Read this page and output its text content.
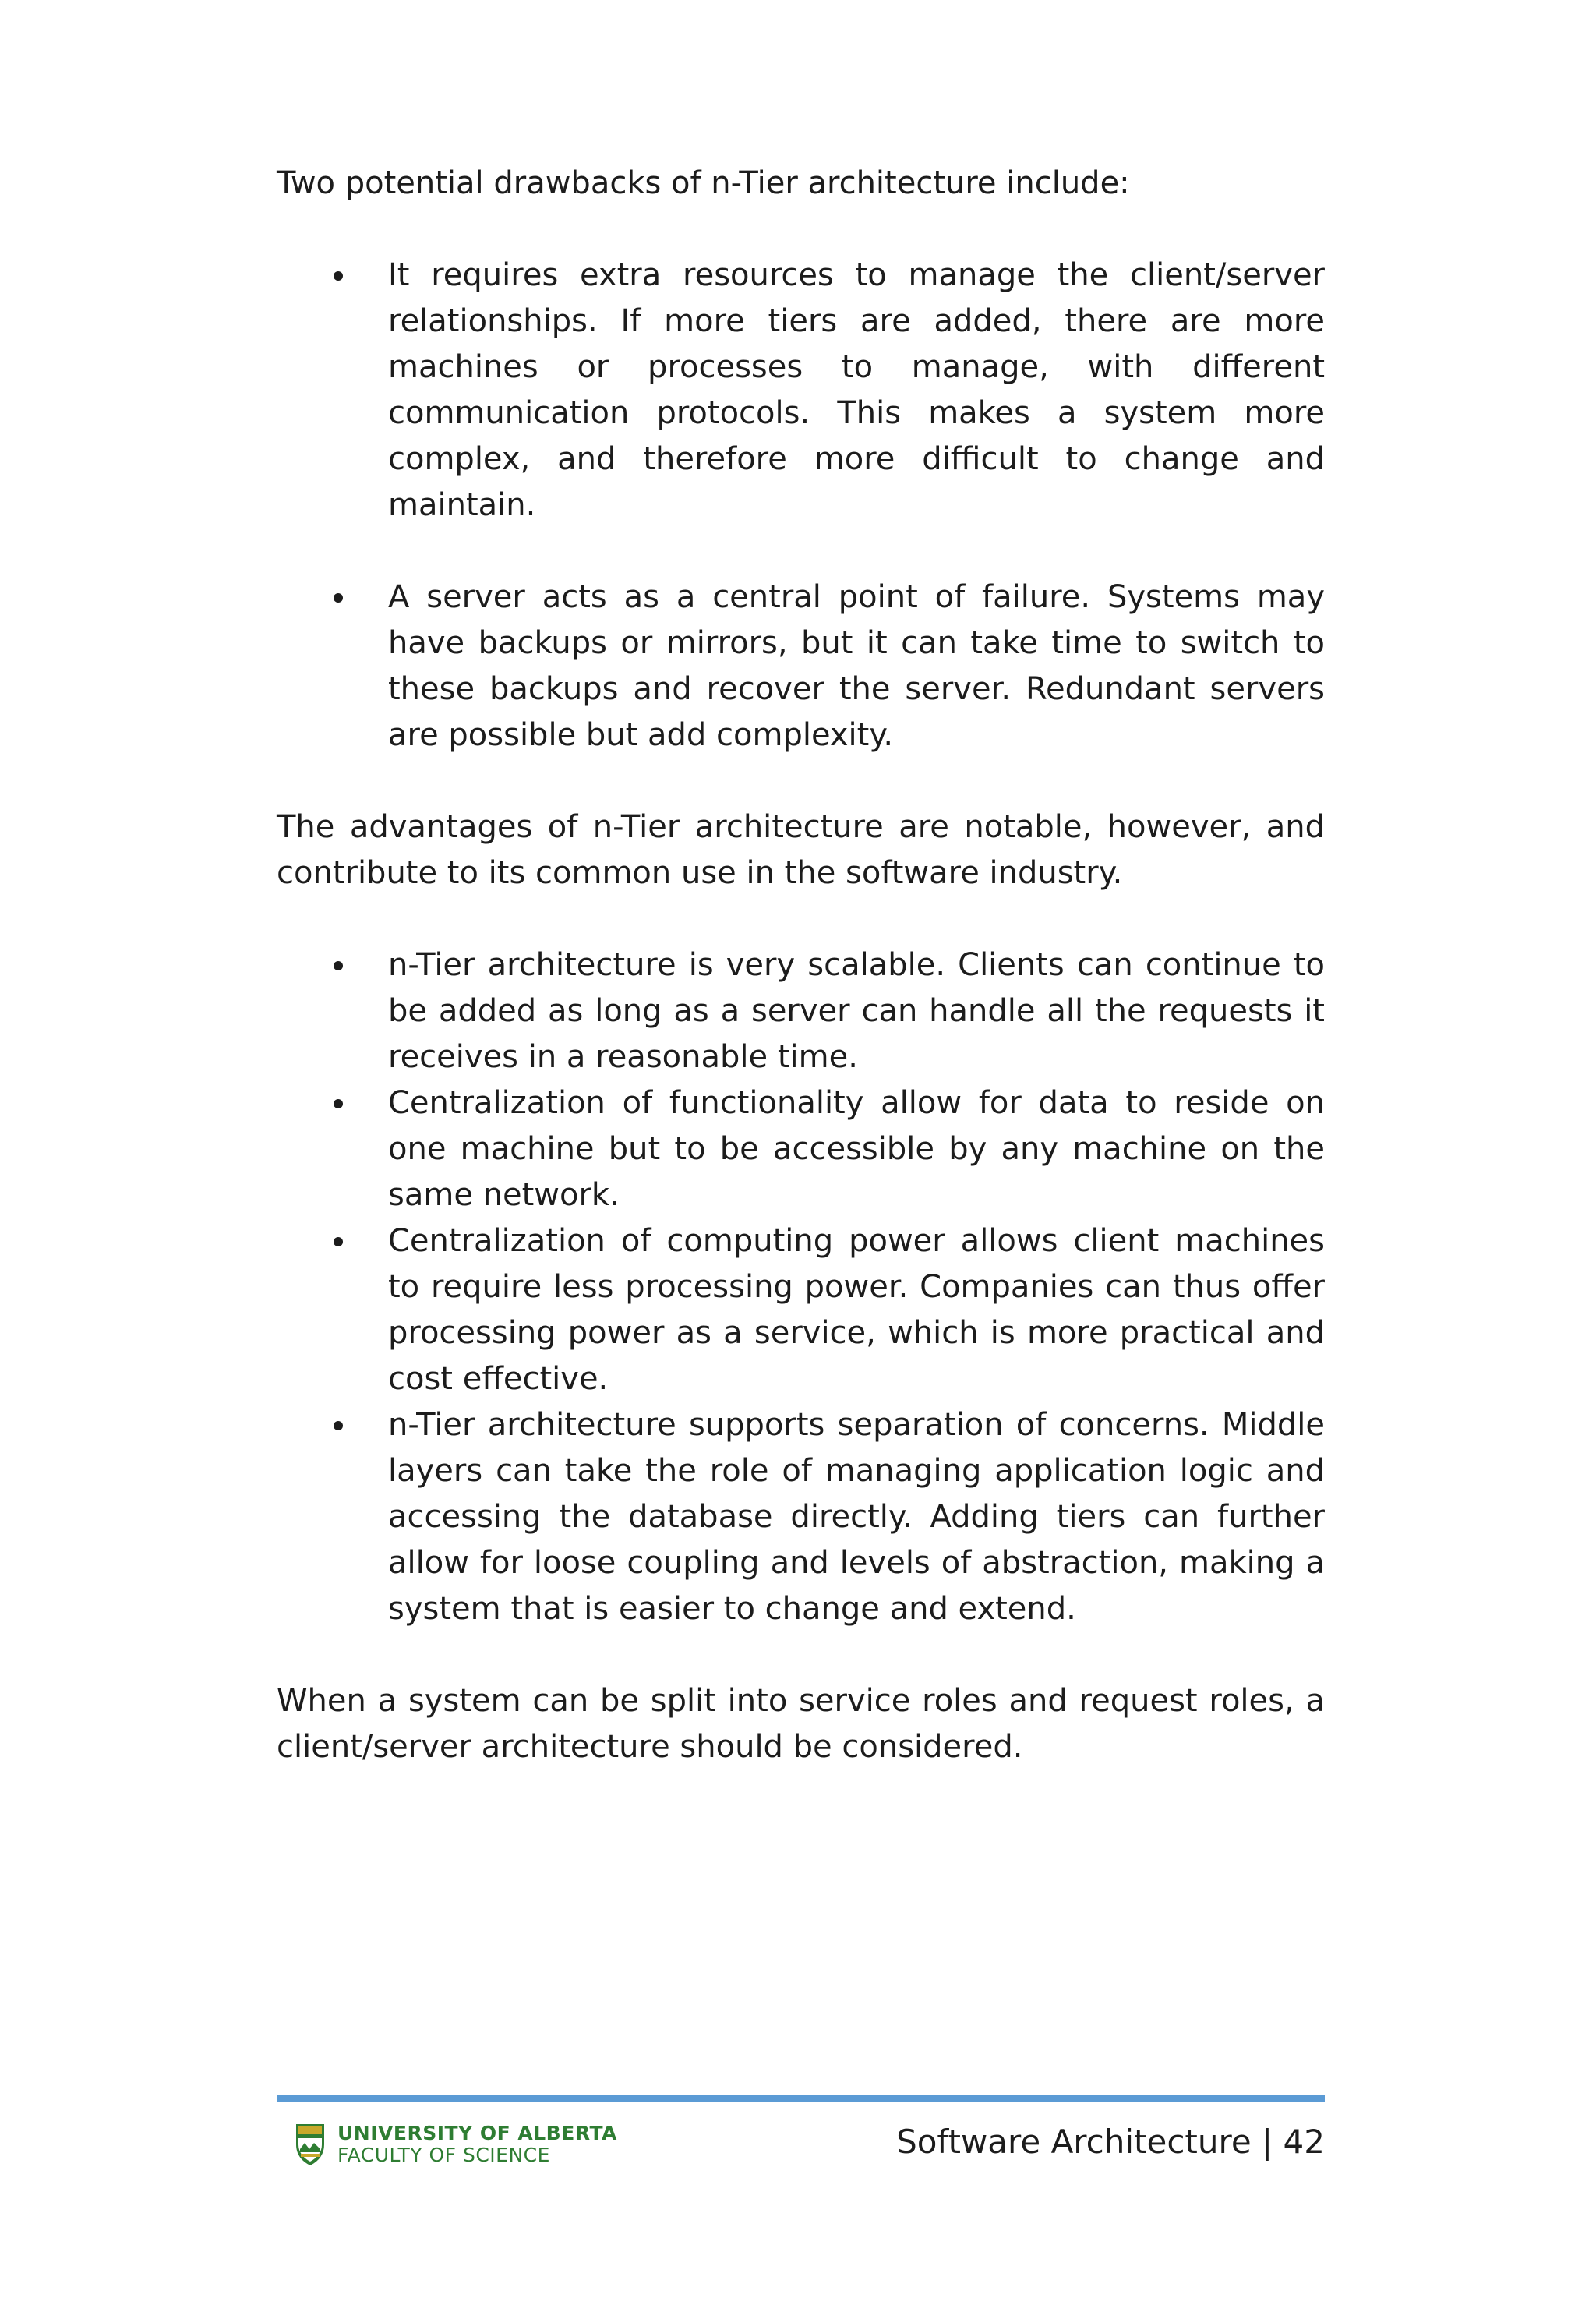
Two potential drawbacks of n-Tier architecture include:

It requires extra resources to manage the client/server relationships. If more tiers are added, there are more machines or processes to manage, with different communication protocols. This makes a system more complex, and therefore more difficult to change and maintain.
A server acts as a central point of failure. Systems may have backups or mirrors, but it can take time to switch to these backups and recover the server. Redundant servers are possible but add complexity.

The advantages of n-Tier architecture are notable, however, and contribute to its common use in the software industry.

n-Tier architecture is very scalable. Clients can continue to be added as long as a server can handle all the requests it receives in a reasonable time.
Centralization of functionality allow for data to reside on one machine but to be accessible by any machine on the same network.
Centralization of computing power allows client machines to require less processing power. Companies can thus offer processing power as a service, which is more practical and cost effective.
n-Tier architecture supports separation of concerns. Middle layers can take the role of managing application logic and accessing the database directly. Adding tiers can further allow for loose coupling and levels of abstraction, making a system that is easier to change and extend.

When a system can be split into service roles and request roles, a client/server architecture should be considered.

UNIVERSITY OF ALBERTA
FACULTY OF SCIENCE	Software Architecture | 42
